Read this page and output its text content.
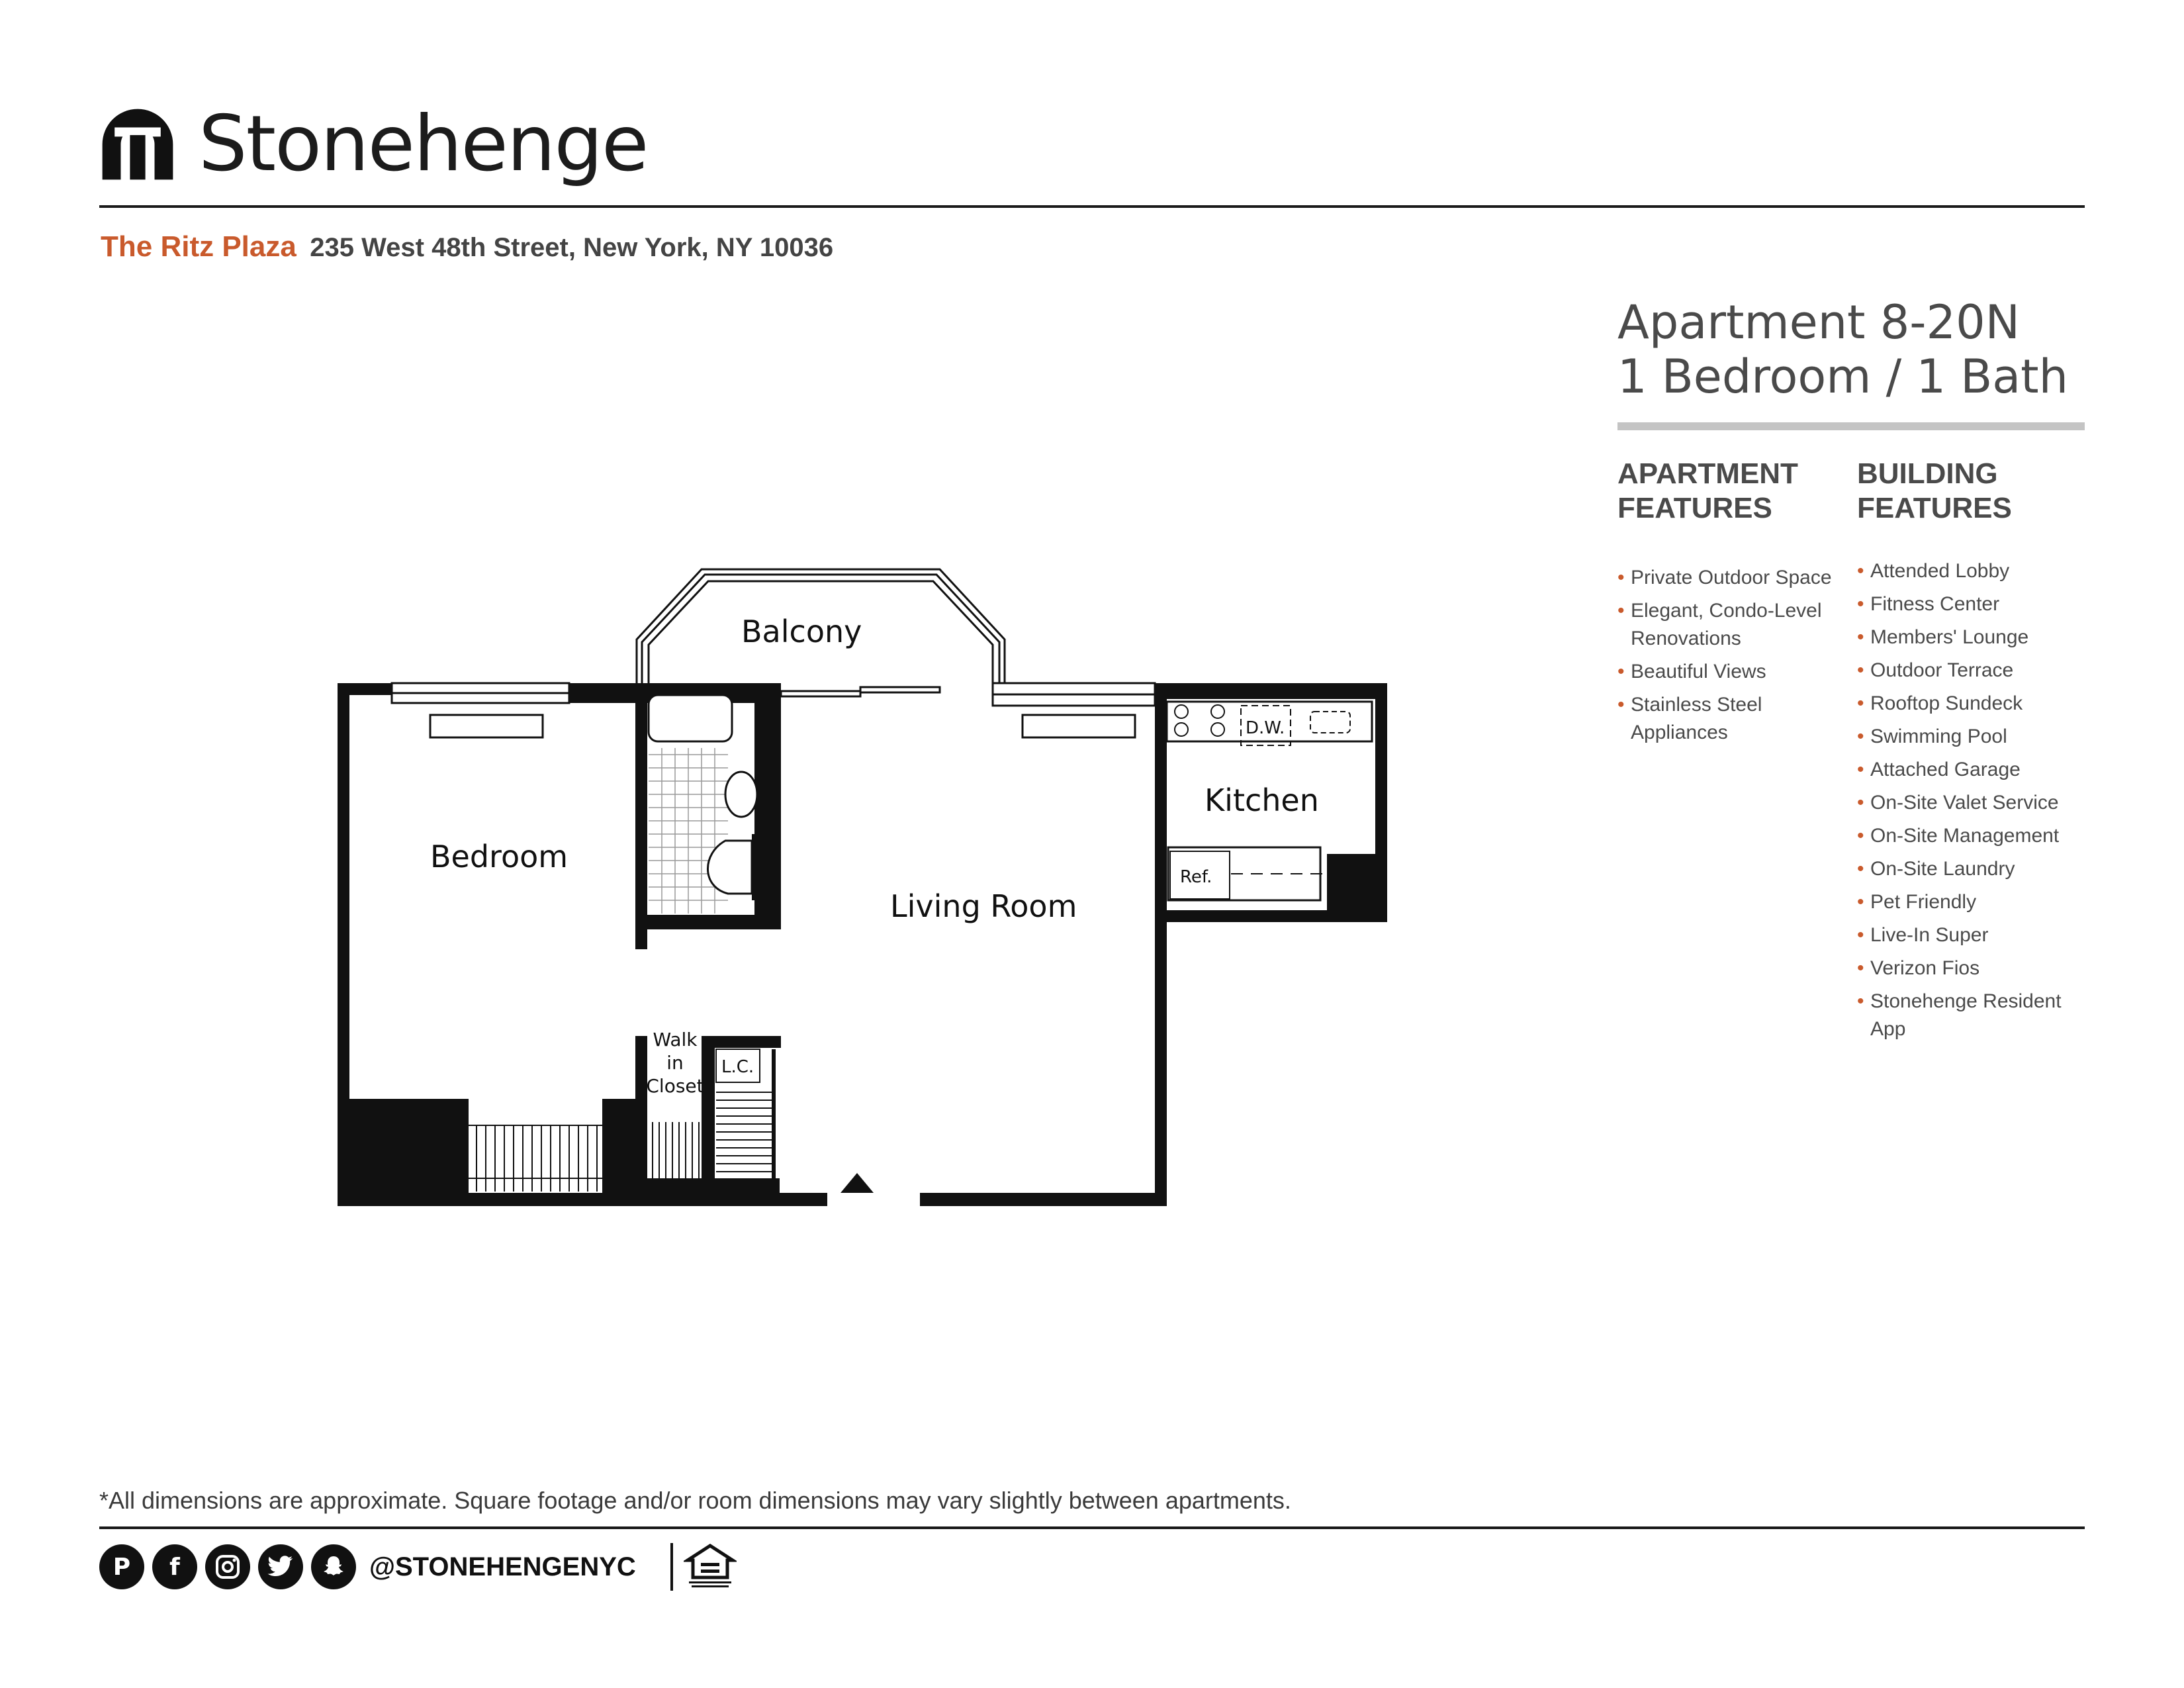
Stonehenge
The Ritz Plaza 235 West 48th Street, New York, NY 10036
Apartment 8-20N
1 Bedroom / 1 Bath
APARTMENT
FEATURES
BUILDING
FEATURES
• Private Outdoor Space
• Elegant, Condo-Level Renovations
• Beautiful Views
• Stainless Steel Appliances
• Attended Lobby
• Fitness Center
• Members' Lounge
• Outdoor Terrace
• Rooftop Sundeck
• Swimming Pool
• Attached Garage
• On-Site Valet Service
• On-Site Management
• On-Site Laundry
• Pet Friendly
• Live-In Super
• Verizon Fios
• Stonehenge Resident App
Balcony
Bedroom
Living Room
Kitchen
D.W.
Ref.
L.C.
Walk
in
Closet
*All dimensions are approximate. Square footage and/or room dimensions may vary slightly between apartments.
P	f	@STONEHENGENYC
